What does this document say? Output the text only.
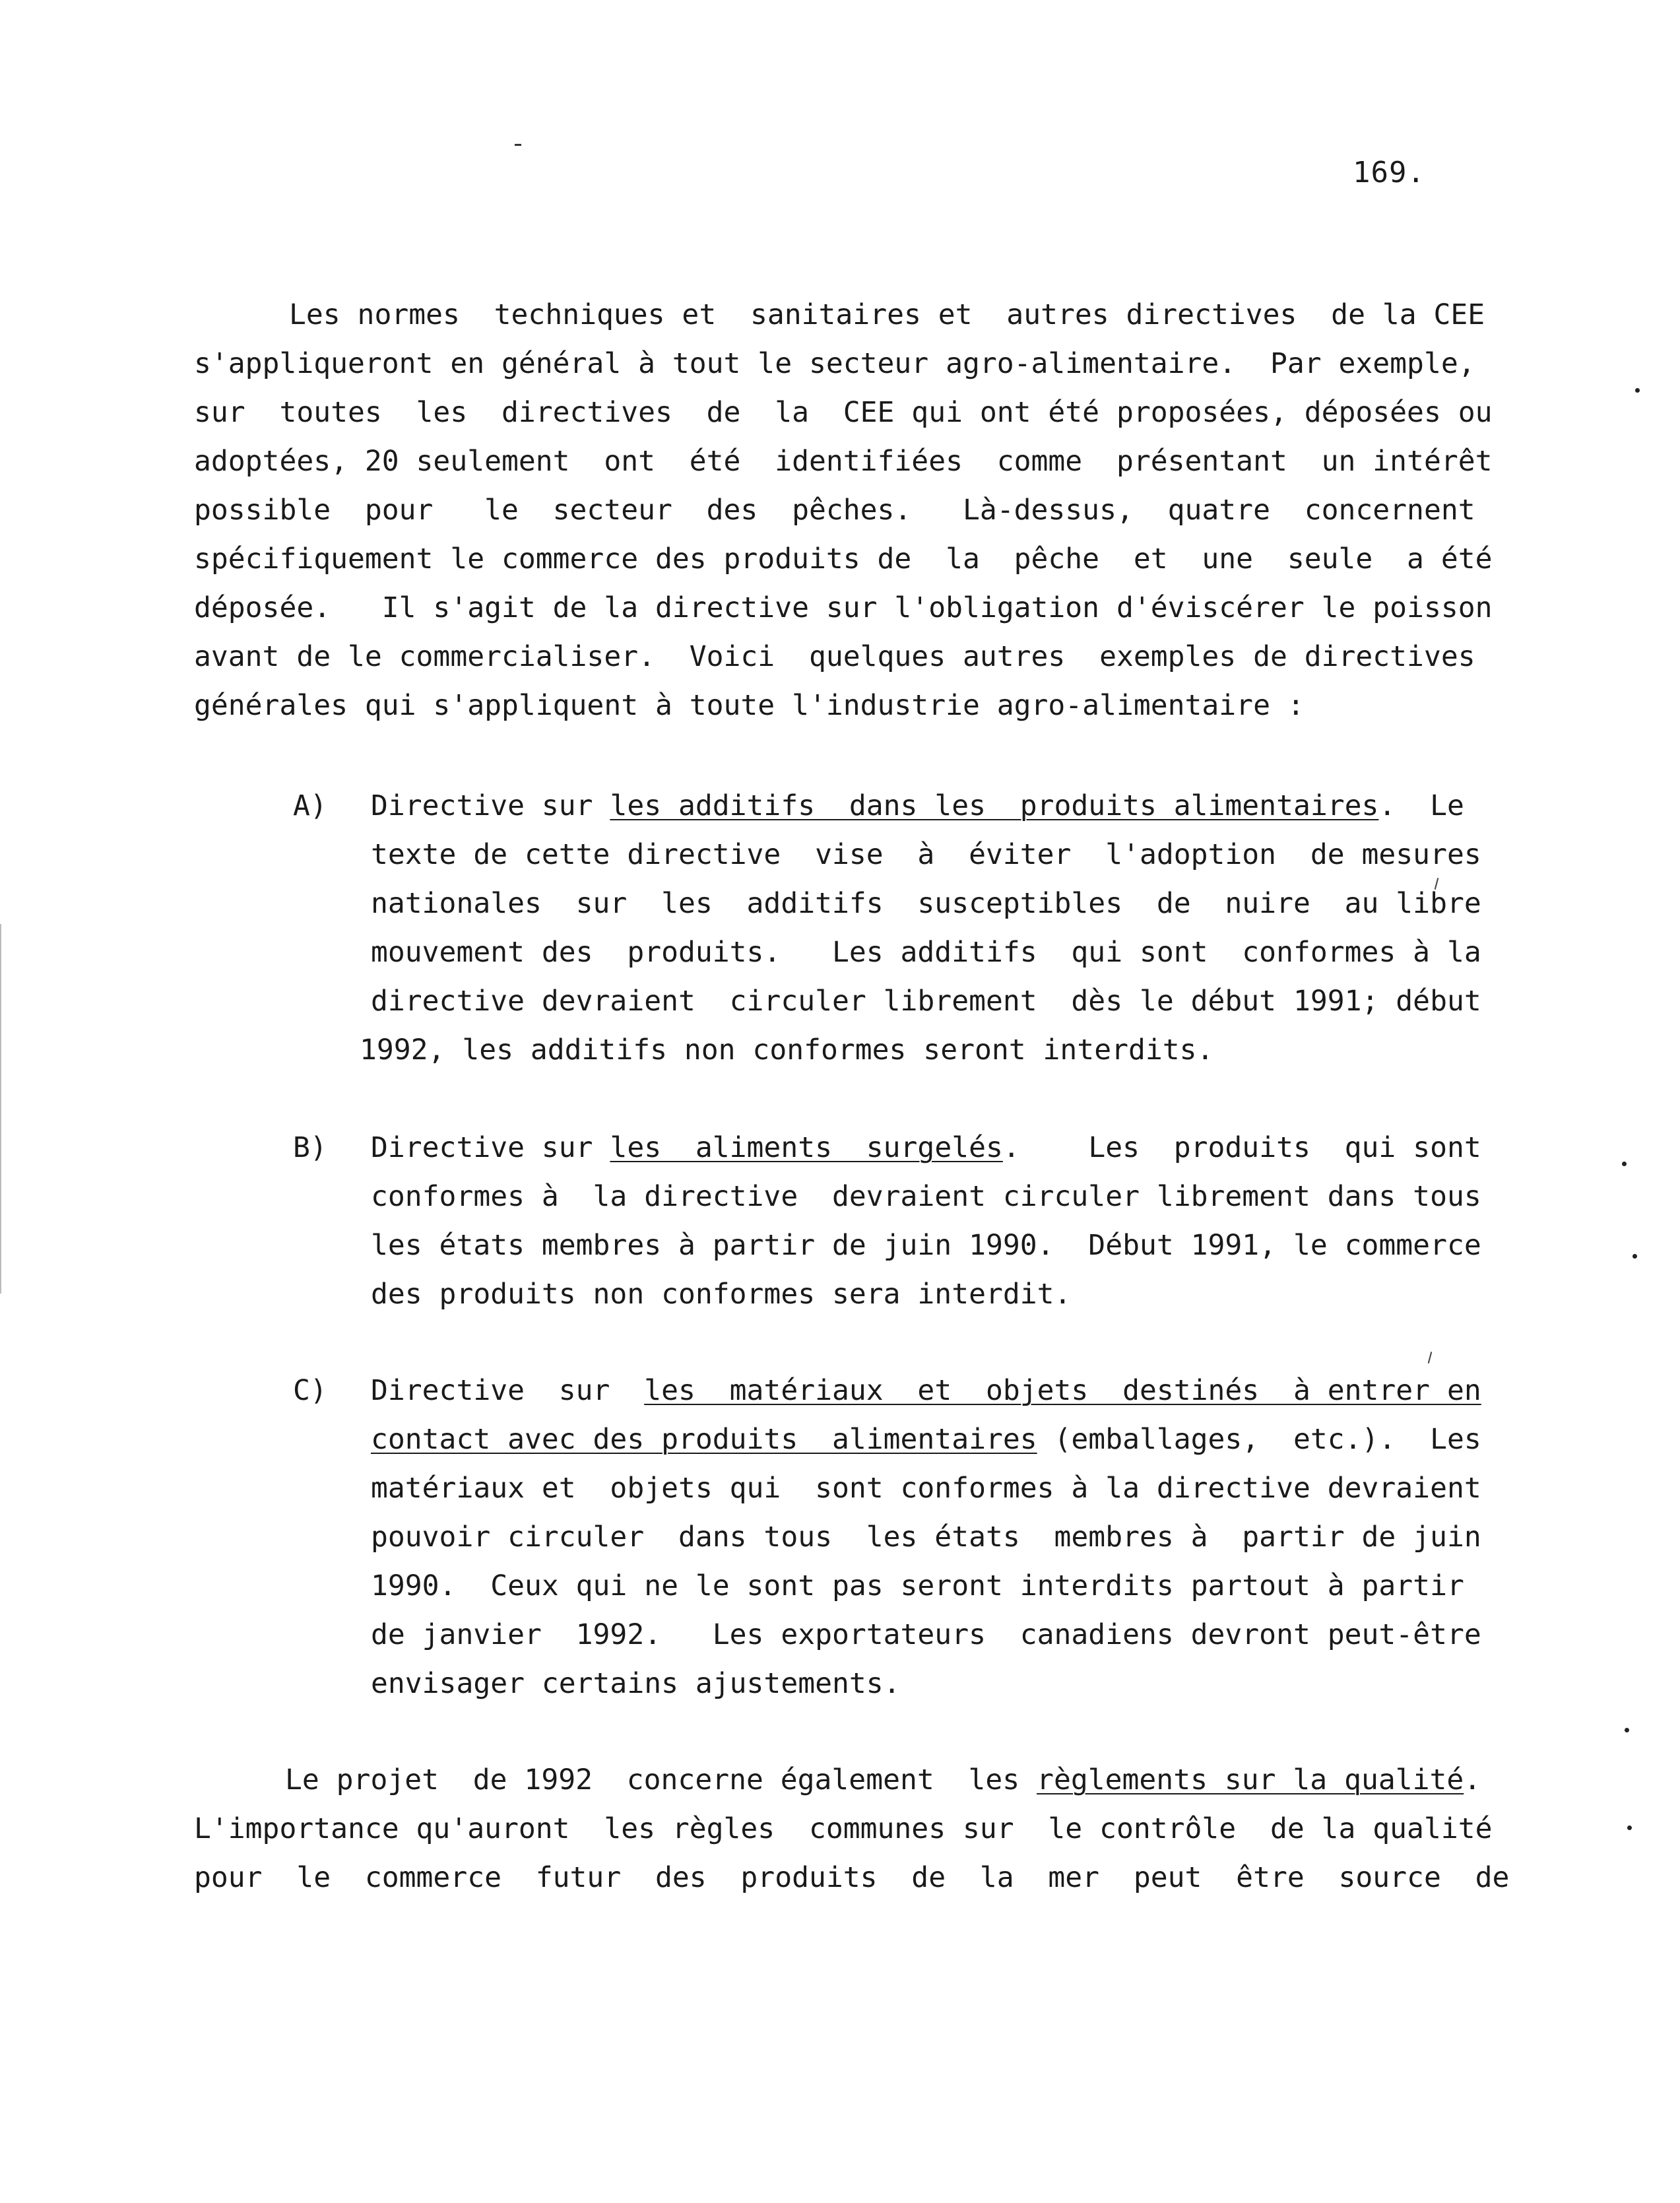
169.
Les normes  techniques et  sanitaires et  autres directives  de la CEE
s'appliqueront en général à tout le secteur agro-alimentaire.  Par exemple,
sur  toutes  les  directives  de  la  CEE qui ont été proposées, déposées ou
adoptées, 20 seulement  ont  été  identifiées  comme  présentant  un intérêt
possible  pour   le  secteur  des  pêches.   Là-dessus,  quatre  concernent
spécifiquement le commerce des produits de  la  pêche  et  une  seule  a été
déposée.   Il s'agit de la directive sur l'obligation d'éviscérer le poisson
avant de le commercialiser.  Voici  quelques autres  exemples de directives
générales qui s'appliquent à toute l'industrie agro-alimentaire :
A) Directive sur les additifs  dans les  produits alimentaires.  Le
texte de cette directive  vise  à  éviter  l'adoption  de mesures
nationales  sur  les  additifs  susceptibles  de  nuire  au libre
mouvement des  produits.   Les additifs  qui sont  conformes à la
directive devraient  circuler librement  dès le début 1991; début
1992, les additifs non conformes seront interdits.
B) Directive sur les  aliments  surgelés.    Les  produits  qui sont
conformes à  la directive  devraient circuler librement dans tous
les états membres à partir de juin 1990.  Début 1991, le commerce
des produits non conformes sera interdit.
C) Directive  sur  les  matériaux  et  objets  destinés  à entrer en
contact avec des produits  alimentaires (emballages,  etc.).  Les
matériaux et  objets qui  sont conformes à la directive devraient
pouvoir circuler  dans tous  les états  membres à  partir de juin
1990.  Ceux qui ne le sont pas seront interdits partout à partir
de janvier  1992.   Les exportateurs  canadiens devront peut-être
envisager certains ajustements.
Le projet  de 1992  concerne également  les règlements sur la qualité.
L'importance qu'auront  les règles  communes sur  le contrôle  de la qualité
pour  le  commerce  futur  des  produits  de  la  mer  peut  être  source  de
